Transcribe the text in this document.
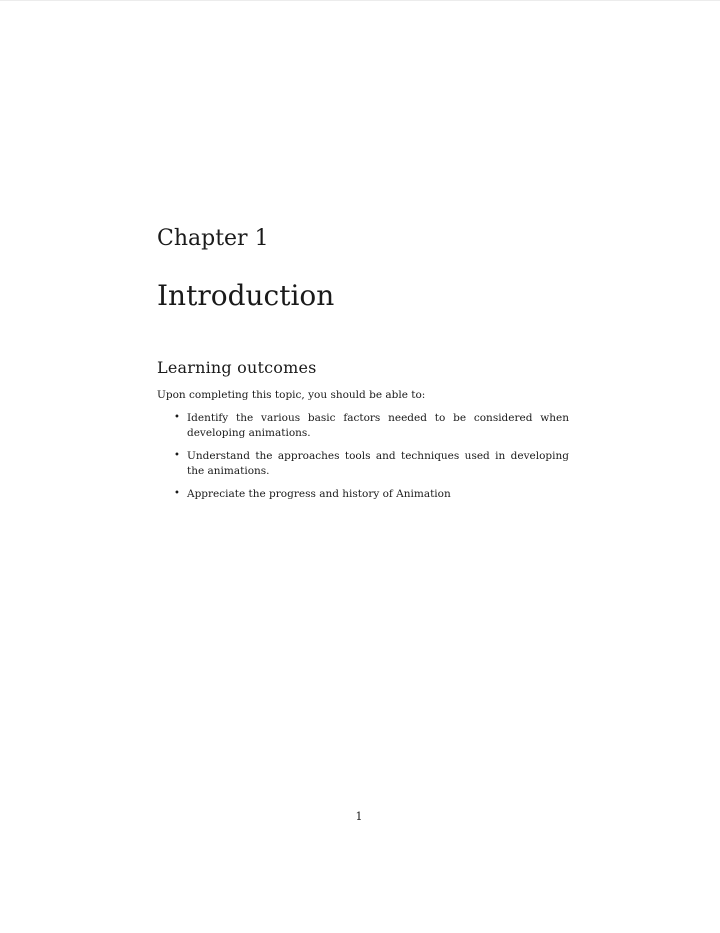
Chapter 1
Introduction
Learning outcomes

Upon completing this topic, you should be able to:

• Identify the various basic factors needed to be considered when developing animations.
• Understand the approaches tools and techniques used in developing the animations.
• Appreciate the progress and history of Animation

1
